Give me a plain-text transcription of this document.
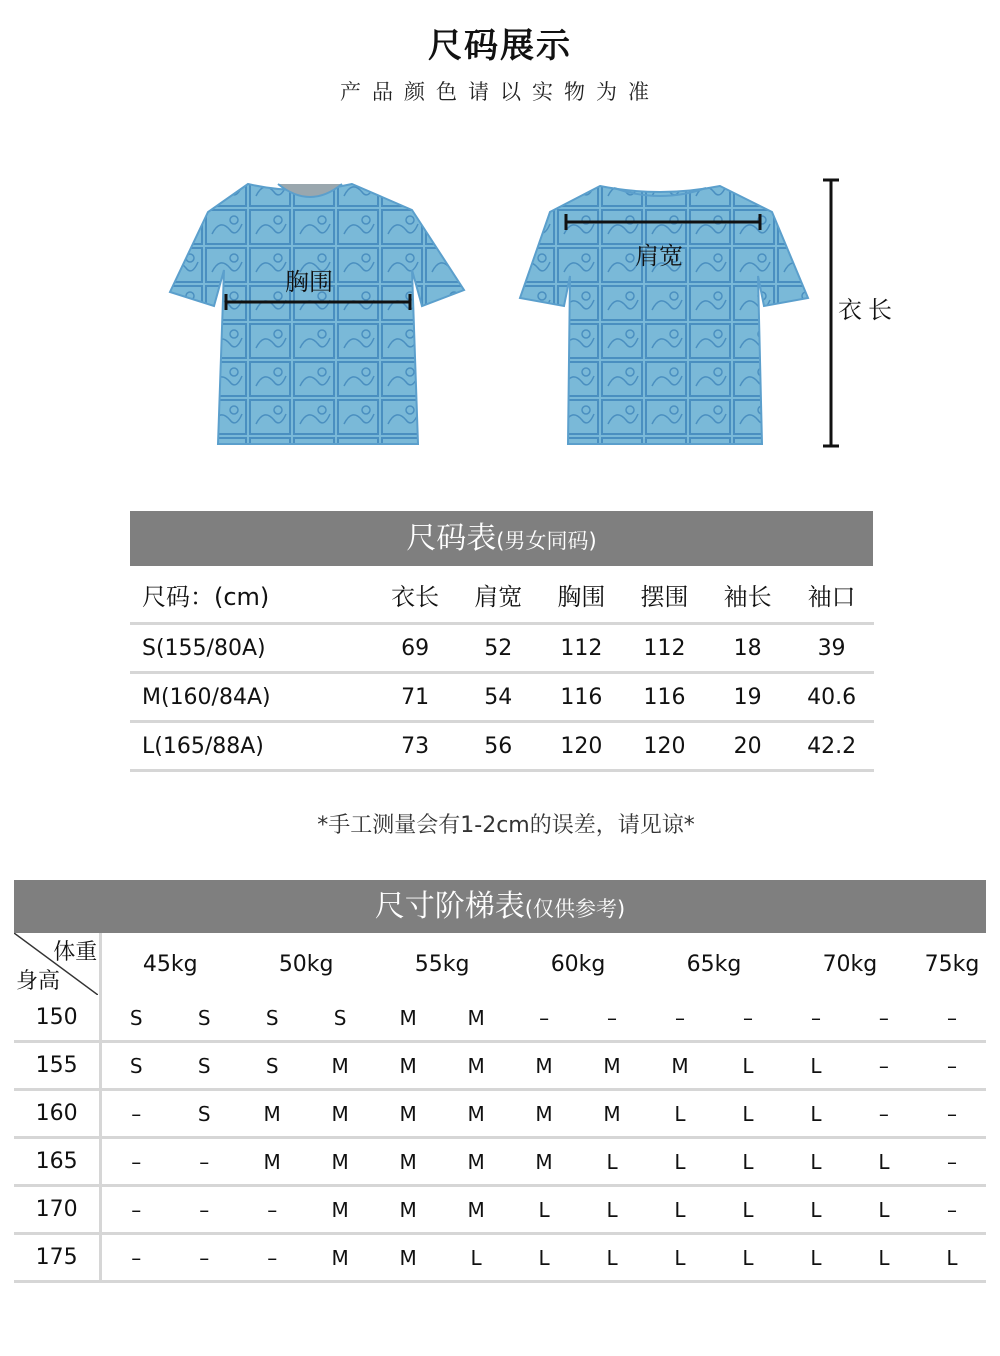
尺码展示
产品颜色请以实物为准
胸围
肩宽
衣长
尺码表(男女同码)
尺码：(cm)	衣长	肩宽	胸围	摆围	袖长	袖口
S(155/80A)	69	52	112	112	18	39
M(160/84A)	71	54	116	116	19	40.6
L(165/88A)	73	56	120	120	20	42.2
*手工测量会有1-2cm的误差，请见谅*
尺寸阶梯表(仅供参考)
体重
身高	45kg		50kg		55kg		60kg		65kg		70kg		75kg
150	S	S	S	S	M	M	–	–	–	–	–	–	–
155	S	S	S	M	M	M	M	M	M	L	L	–	–
160	–	S	M	M	M	M	M	M	L	L	L	–	–
165	–	–	M	M	M	M	M	L	L	L	L	L	–
170	–	–	–	M	M	M	L	L	L	L	L	L	–
175	–	–	–	M	M	L	L	L	L	L	L	L	L
